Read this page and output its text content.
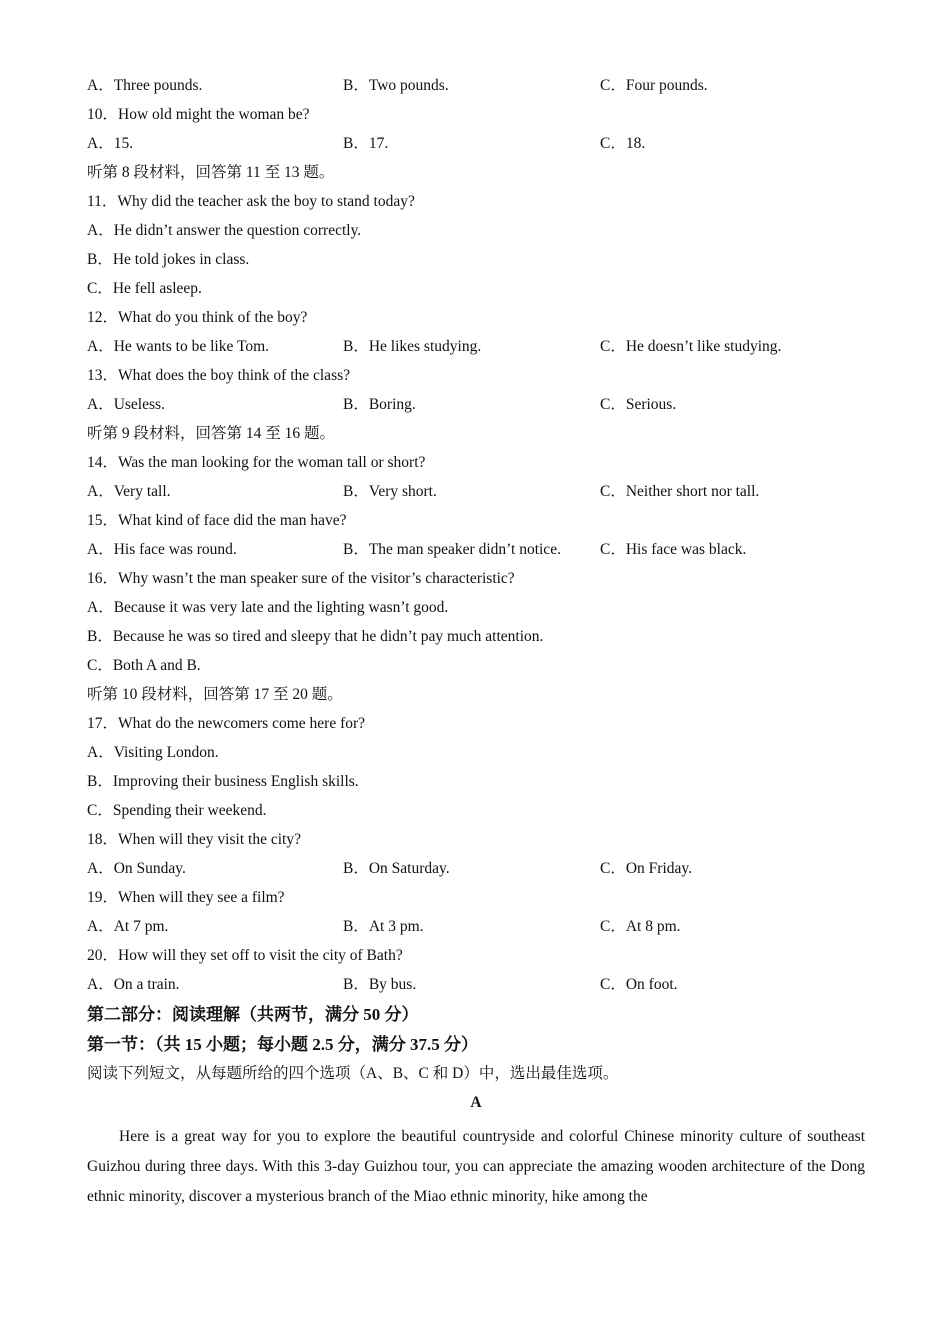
A．Three pounds.	B．Two pounds.	C．Four pounds.
10．How old might the woman be?
A．15.	B．17.	C．18.
听第 8 段材料，回答第 11 至 13 题。
11．Why did the teacher ask the boy to stand today?
A．He didn’t answer the question correctly.
B．He told jokes in class.
C．He fell asleep.
12．What do you think of the boy?
A．He wants to be like Tom.	B．He likes studying.	C．He doesn’t like studying.
13．What does the boy think of the class?
A．Useless.	B．Boring.	C．Serious.
听第 9 段材料，回答第 14 至 16 题。
14．Was the man looking for the woman tall or short?
A．Very tall.	B．Very short.	C．Neither short nor tall.
15．What kind of face did the man have?
A．His face was round.	B．The man speaker didn’t notice.	C．His face was black.
16．Why wasn’t the man speaker sure of the visitor’s characteristic?
A．Because it was very late and the lighting wasn’t good.
B．Because he was so tired and sleepy that he didn’t pay much attention.
C．Both A and B.
听第 10 段材料，回答第 17 至 20 题。
17．What do the newcomers come here for?
A．Visiting London.
B．Improving their business English skills.
C．Spending their weekend.
18．When will they visit the city?
A．On Sunday.	B．On Saturday.	C．On Friday.
19．When will they see a film?
A．At 7 pm.	B．At 3 pm.	C．At 8 pm.
20．How will they set off to visit the city of Bath?
A．On a train.	B．By bus.	C．On foot.
第二部分：阅读理解（共两节，满分 50 分）
第一节：（共 15 小题；每小题 2.5 分，满分 37.5 分）
阅读下列短文，从每题所给的四个选项（A、B、C 和 D）中，选出最佳选项。
A
Here is a great way for you to explore the beautiful countryside and colorful Chinese minority culture of southeast Guizhou during three days. With this 3-day Guizhou tour, you can appreciate the amazing wooden architecture of the Dong ethnic minority, discover a mysterious branch of the Miao ethnic minority, hike among the
